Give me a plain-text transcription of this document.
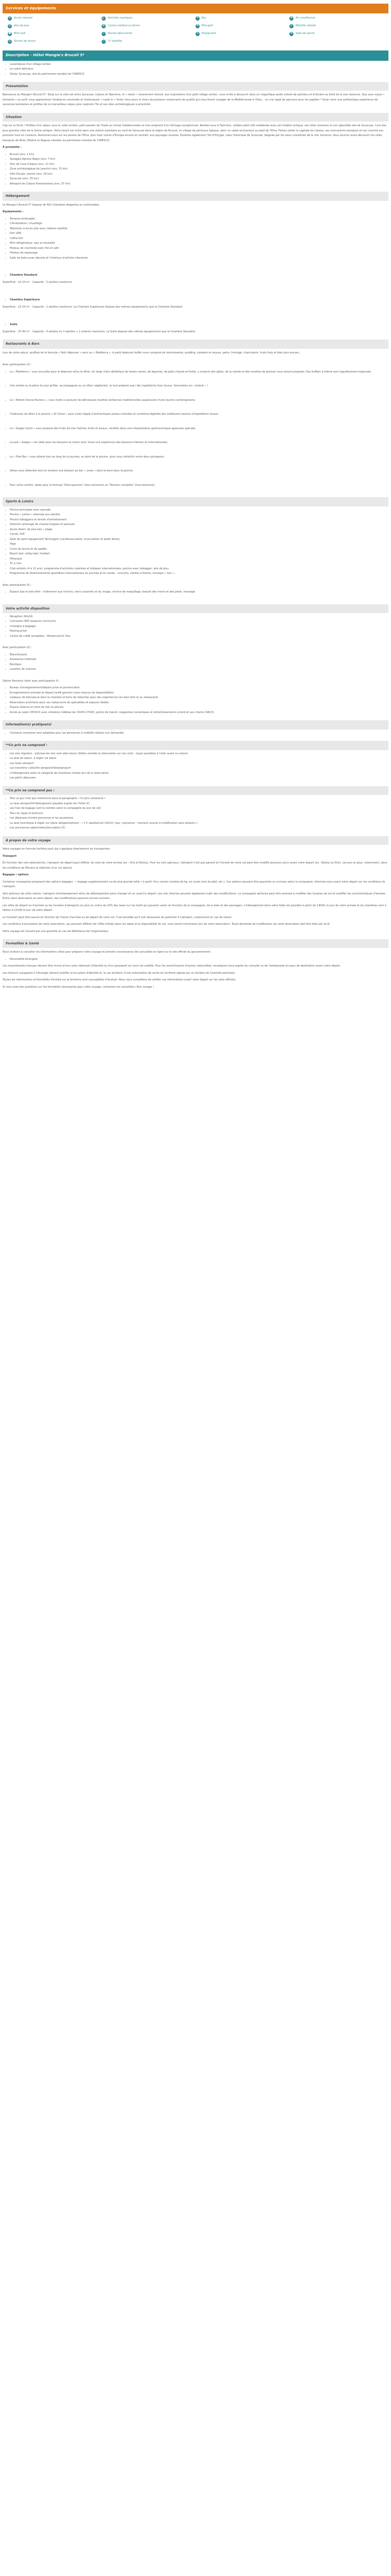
Services et équipements
≋	Accès internet	⛵ Activités nautiques	♒	Bar	❄	Air conditionné
☺ Aire de jeux	✚	Centre médical ou ferme	⚑	Mini-golf	♿	Mobilité réduite
☻ Mini-club	≈	Piscine découverte	✕	Restaurant	⚒	Salle de sports
◎	Terrain de tennis	▭	Tv satellite
Description - Hôtel Mangia's Brucoli 5*
• Lavandeuse d'un village sicilien
• Le cadre délicieux
• Visiter Syracuse, site du patrimoine mondial de l'UNESCO
Présentation

Bienvenue au Mangia's Brucoli 5*. Situé sur la côte est entre Syracuse, Catane et Taormine, le « resort » récemment rénové, aux inspirations d'un petit village sicilien, vous invite à découvrir dans un magnifique jardin arboré de palmiers et d'oliviers au bord de la mer ionienne. Que vous soyez « farniente » ou actif, vous apprécierez l'ambiance conviviale et chaleureuse « made in » Sicile, tous azurs si chers de plusieurs restaurants de qualité qui vous feront voyager de la Méditerranée à l'Asie... un vrai régal de parcours pour les papilles ! Sinon vivre une authentique expérience de vacances balnéaires et profitez de ce merveilleux séjour pour explorer l'île et ses sites archéologiques à proximité.

Situation

Cap sur la Sicile ! Profitez d'un séjour sous le soleil sicilien, petit paradis de l'Italie au climat méditerranéen et très empreint d'un héritage exceptionnel. Rendez-vous à Taormine, célèbre petit ville médiévale avec son théâtre antique, ses villas romaines et son splendide site de Syracuse, l'une des plus grandes cités de la Grèce antique. Votre resort est niché dans une station balnéaire au nord de Syracuse dans la région de Brucoli, un village de pêcheurs typique, dans un cadre enchanteur au pied de l'Etna. Partez visiter la capitale de Catane, ses monuments baroques et son marché aux poissons haut en couleurs. Aventurez-vous sur les pentes de l'Etna, plus haut volcan d'Europe encore en activité, aux paysages lunaires. Explorez également l'île d'Ortygie, cœur historique de Syracuse, baignée par les eaux cristallines de la mer Ionienne. Vous pourrez aussi découvrir les villes baroques de Noto, Modica et Raguse classées au patrimoine mondial de l'UNESCO.

À proximité :

• Brucoli (env. 2 km)
• Spiaggia Agnone Bagni (env. 7 km)
• Parc de Cava d'Ispica (env. 12 km)
• Zone archéologique de Leontini (env. 15 km)
• Ville Ducale, Lentini (env. 16 km)
• Syracuse (env. 35 km)
• Aéroport de Catane Fontanarossa (env. 37 km)
Hébergement

Le Mangia's Brucoli 5* dispose de 402 chambres élégantes et confortables.

Équipements :

• Terrasse aménagée
• Climatisation / chauffage
• Télévision à écran plat avec chaînes satellite
• Port USB
• Coffre-fort
• Mini-réfrigérateur, eau en bouteille
• Plateau de courtoisie avec thé et café
• Plateau de repassage
• Salle de bains avec douche et l'intérieur d'articles vitaminés
• Chambre Standard

Superficie : 22-24 m² · Capacité : 2 adultes maximum

• Chambre Supérieure

Superficie : 21-24 m² · Capacité : 2 adultes maximum. La Chambre Supérieure dispose des mêmes équipements que la Chambre Standard.

• Suite

Superficie : 37-40 m² · Capacité : 4 adultes ou 3 adultes + 1 enfants maximum. La Suite dispose des mêmes équipements que la Chambre Standard.

Restaurants & Bars

Lors de votre séjour, profitez de la formule « Petit déjeuner » servi au « Mediterra », la petit déjeuner buffet vous composé de viennoiseries, pudding, céréales et sauces, pains, fromage, charcuterie, fruits frais et bien plus encore...

Avec participation (€) :

• Le « Mediterra » vous accueille pour le déjeuner et/ou le dîner. Un large choix diététique de toutes sortes, de légumes, de plats chauds et froids, y compris des pâtes, de la viande et des recettes de poisson vous seront proposés. Des buffets à thème sont régulièrement organisés.
• Une entrée ou la pièce du jour grillée, accompagnée ou un dîner végétarien, le tout préparé avec des ingrédients frais locaux. Sommeiers en « bistrot » !
• Le « Bistrot Donna Paciona », vous invite à savourer de délicieuses recettes siciliennes traditionnelles auparavant d'une touche contemporaine.
• Chaîneuse de dîner à la piscine « Al Cirone » pour vivez régalé d'authentiques pizzas cuisinées et combinez légèreté des meilleures saveurs d'ingrédients locaux.
• Le « Kaigan Sushi » vous propose des fruits de mer fraîches fruits et locaux, récoltés dans une interprétation gastronomique japonaise spéciale.
• Le pub « Kaigan » est idéal pour les boissons et moins tard. Vivez une expérience des boissons fraîches et internationales.
• Le « Pool Bar » vous attend tout au long de la journée, au bord de la piscine, pour vous rafraîchir entre deux plongeons.
• Venez vous détendre tout en sirotant une boisson au bar « Linea » dans le bord dans la piscine.
• Pour votre confort, optez pour la formule "Demi-pension" (hors boissons) ou "Pension complète" (hors boissons).
Sports & Loisirs
• Piscine principale avec cascade
• Piscine « calme » réservée aux adultes
• Piscine toboggans et terrain d'entraînement
• Solarium aménagé de chaises longues et parasols
• Accès direct, de plus bas « plage
• Canoë, SUP
• Salle de sport équipement Technogym (cardiovasculaire, musculation et poids libres)
• Yoga
• Court de tennis et de paddle
• Beach ball, volley-ball, football
• Pétanque
• Tir à l'arc
• Club enfants (4 à 12 ans), programme d'activités créatives et ludiques internationales, piscine avec toboggan, aire de jeux
• Programme de divertissements quotidiens internationaux en journée et en soirée : concerts, soirées à thème, musique « live »...

Avec participation (€) :

• Espace Spa et bien-être : traitement aux rochers, soins corporels et du visage, service de maquillage, beauté des mains et des pieds, massage
Votre activité disposition
• Réception 24h/24
• Connexion Wifi (espaces communs)
• Consigne à bagages
• Parking privé
• Cartes de crédit acceptées : Mastercard & Visa

Avec participation (€) :

• Blanchisserie
• Assistance médicale
• Boutique
• Location de voitures

Option Pensions (dont avec participation €):

• Bureau d'enregistrement/départ privé et personnalisé
• Enregistrement anticipé et départ tardif garantis (sous réserve de disponibilités)
• Cadeaux de bienvenue dans la chambre et bons de réduction pour des expériences (en bien être et au restaurant)
• Réservation prioritaire pour vos restaurants de spécialités et espaces dédiés
• Espace réservé en bord de mer et piscine
• Accès au salon VIP/VCD avec collations (lobbies de 13h00-17h00), points de transit, magazines numériques et rafraîchissements à bord et aux chants (VACO)
Information(s) pratique(s)
• Certaines chambres sont adaptées pour les personnes à mobilité réduite (sur demande)
**Ce prix ne comprend :
• Les vols réguliers : précisez-les lors sont aller-retour (billets achetés la réservation sur nos vols) : soyez possibles à l'aller avant ou retour)
• La taxe de séjour, à régler sur place
• Les taxes aéroport
• Les transferts collectifs aéroport/hôtel/aéroport
• L'hébergement selon la catégorie de chambres choisie lors de la réservation
• Les petits déjeuners
**Ce prix ne comprend pas :
• Tout ce qui n'est pas mentionné dans le paragraphe « Ce prix comprend »
• La taxe aéroport/d'hébergement payable auprès de l'hôtel (€)
• Les frais de bagage (soit le nombre selon la compagnie du jour de vol)
• Taux du repas et boissons
• Les dépenses d'ordre personnel et les pourboires
• La taxe touristique à régler sur place obligatoirement : « 3 € /adulte/nuit (10/14 / jour / personne - montant soumis à modification sans préavis) »
• Les assurances optionnelles/annulation (€)
À propos de votre voyage

Votre voyagez en formule tarifaire pack qui s'applique directement au transporteur.

Transport

En fonction des vols sélectionnés, l'aéroport de départ peut différer de celui de votre arrivée (ex : Orly et Roissy). Pour les vols spéciaux, l'aéroport n'est pas garanti et l'horaire de votre vol peut être modifié plusieurs jours avant votre départ (ex : Roissy ou Orly). Les prix et pour, notamment, dans les conditions de Monaco la sélection d'un vol spécial.

Bagages / options

Certaines compagnies proposent des options bagages : « bagage supplémentaire ou de plus grande taille » à partir d'un certain nombre de kg, en soute (soit de gilet, etc.). Ces options peuvent être payantes ou incluses selon la compagnie. Informez-vous avant votre départ sur les conditions de l'aéroport.

Vols spéciaux de cette nature, l'aéroport d'embarquement et/ou de débarquement peut changer et ce, avant le départ. Les vols internes peuvent également subir des modifications. La compagnie aérienne peut être amenée à modifier des horaires de vol et modifier les caractéristiques d'escales. Entre votre réservation et votre départ, des modifications peuvent encore survenir.

Les villes de départ ou d'arrivée ou les horaires d'aéroports en plus ou moins de 20% des taxes sur les tarifs qui peuvent varier en fonction de la compagnie, de la date et des passagers. L'hébergement dans votre hôtel est possible à partir de 14h00, le jour de votre arrivée et les chambres sont à libérer à 11h00 le jour de votre départ.

Le transfert peut être assuré en fonction de l'heure d'arrivée ou de départ de votre vol. Il est possible qu'il soit nécessaire de patienter à l'aéroport, notamment en cas de retard.

Les conditions d'annulation de votre réservation, qui peuvent différer de l'offre initiale selon les dates et la disponibilité du vol, vous seront transmises lors de votre réservation. Toute demande de modification de votre réservation doit être faite par écrit.

Votre voyage est couvert par une garantie en cas de défaillance de l'organisateur.

Formalités & Santé

Nous invitons à consulter les informations utiles pour préparer votre voyage et prendre connaissance des actualités en ligne sur le site officiel du gouvernement.

• Personalité étrangère

Les ressortissants français doivent être munis d'une carte nationale d'identité ou d'un passeport en cours de validité. Pour les ressortissants d'autres nationalités, renseignez-vous auprès du consulat ou de l'ambassade du pays de destination avant votre départ.

Les mineurs voyageant à l'étranger doivent justifier d'une pièce d'identité et, le cas échéant, d'une autorisation de sortie du territoire signée par un titulaire de l'autorité parentale.

Toutes les informations et formalités d'entrée sur le territoire sont susceptibles d'évoluer. Nous vous conseillons de vérifier ces informations avant votre départ sur les sites officiels.

Si vous avez des questions sur les formalités nécessaires pour votre voyage, contactez nos conseillers. Bon voyage !
